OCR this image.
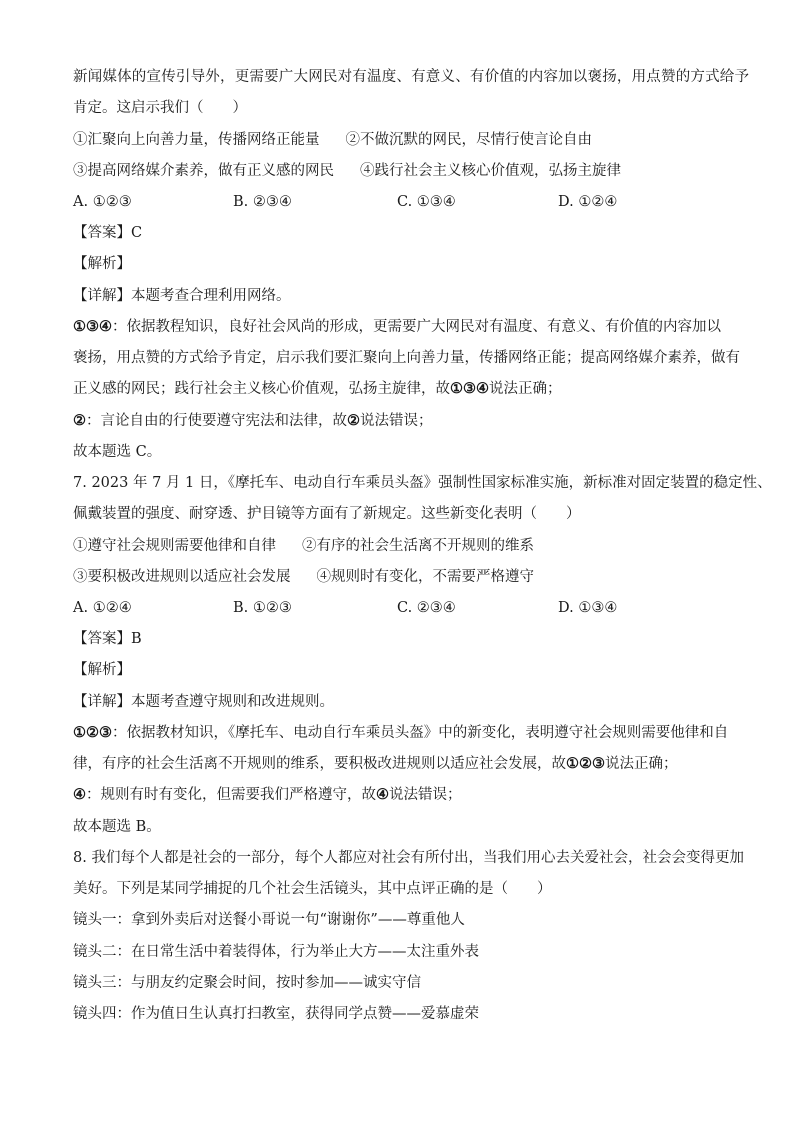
新闻媒体的宣传引导外，更需要广大网民对有温度、有意义、有价值的内容加以褒扬，用点赞的方式给予
肯定。这启示我们（　　）
①汇聚向上向善力量，传播网络正能量 ②不做沉默的网民，尽情行使言论自由
③提高网络媒介素养，做有正义感的网民 ④践行社会主义核心价值观，弘扬主旋律
A. ①②③	B. ②③④	C. ①③④	D. ①②④
【答案】C
【解析】
【详解】本题考查合理利用网络。
①③④：依据教程知识，良好社会风尚的形成，更需要广大网民对有温度、有意义、有价值的内容加以
褒扬，用点赞的方式给予肯定，启示我们要汇聚向上向善力量，传播网络正能；提高网络媒介素养，做有
正义感的网民；践行社会主义核心价值观，弘扬主旋律，故①③④说法正确；
②：言论自由的行使要遵守宪法和法律，故②说法错误；
故本题选 C。
7. 2023 年 7 月 1 日，《摩托车、电动自行车乘员头盔》强制性国家标准实施，新标准对固定装置的稳定性、
佩戴装置的强度、耐穿透、护目镜等方面有了新规定。这些新变化表明（　　）
①遵守社会规则需要他律和自律 ②有序的社会生活离不开规则的维系
③要积极改进规则以适应社会发展 ④规则时有变化，不需要严格遵守
A. ①②④	B. ①②③	C. ②③④	D. ①③④
【答案】B
【解析】
【详解】本题考查遵守规则和改进规则。
①②③：依据教材知识，《摩托车、电动自行车乘员头盔》中的新变化，表明遵守社会规则需要他律和自
律，有序的社会生活离不开规则的维系，要积极改进规则以适应社会发展，故①②③说法正确；
④：规则有时有变化，但需要我们严格遵守，故④说法错误；
故本题选 B。
8. 我们每个人都是社会的一部分，每个人都应对社会有所付出，当我们用心去关爱社会，社会会变得更加
美好。下列是某同学捕捉的几个社会生活镜头，其中点评正确的是（　　）
镜头一：拿到外卖后对送餐小哥说一句“谢谢你”——尊重他人
镜头二：在日常生活中着装得体，行为举止大方——太注重外表
镜头三：与朋友约定聚会时间，按时参加——诚实守信
镜头四：作为值日生认真打扫教室，获得同学点赞——爱慕虚荣
